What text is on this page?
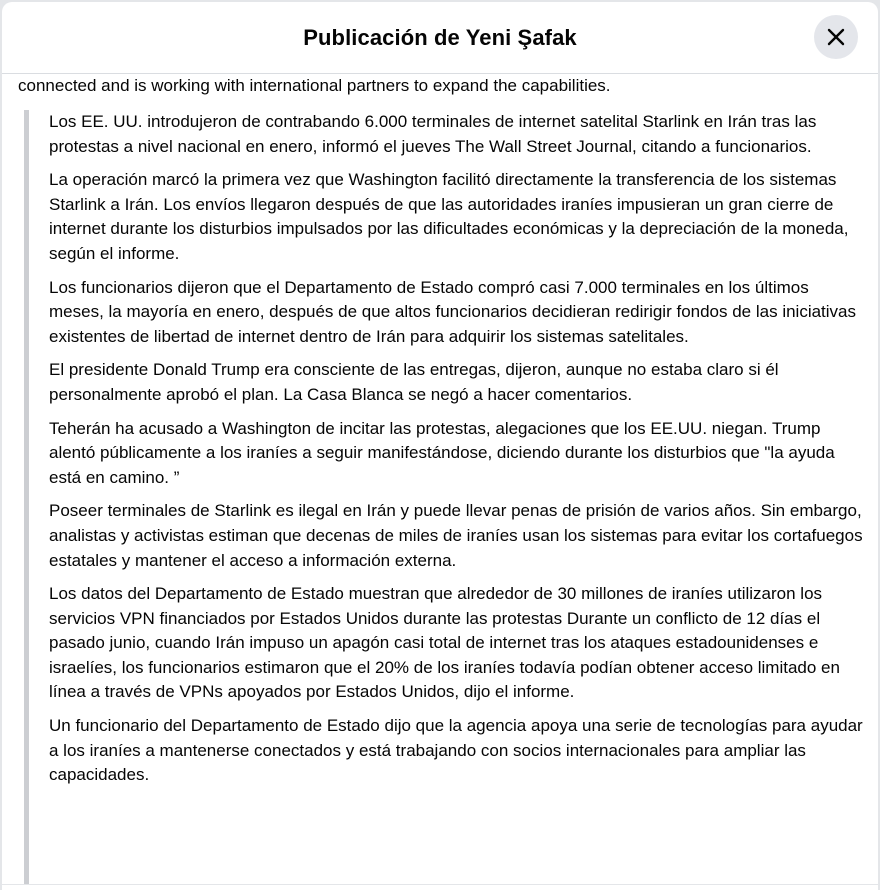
Publicación de Yeni Şafak
connected and is working with international partners to expand the capabilities.

Los EE. UU. introdujeron de contrabando 6.000 terminales de internet satelital Starlink en Irán tras las protestas a nivel nacional en enero, informó el jueves The Wall Street Journal, citando a funcionarios.

La operación marcó la primera vez que Washington facilitó directamente la transferencia de los sistemas Starlink a Irán. Los envíos llegaron después de que las autoridades iraníes impusieran un gran cierre de internet durante los disturbios impulsados por las dificultades económicas y la depreciación de la moneda, según el informe.

Los funcionarios dijeron que el Departamento de Estado compró casi 7.000 terminales en los últimos meses, la mayoría en enero, después de que altos funcionarios decidieran redirigir fondos de las iniciativas existentes de libertad de internet dentro de Irán para adquirir los sistemas satelitales.

El presidente Donald Trump era consciente de las entregas, dijeron, aunque no estaba claro si él personalmente aprobó el plan. La Casa Blanca se negó a hacer comentarios.

Teherán ha acusado a Washington de incitar las protestas, alegaciones que los EE.UU. niegan. Trump alentó públicamente a los iraníes a seguir manifestándose, diciendo durante los disturbios que "la ayuda está en camino. ”

Poseer terminales de Starlink es ilegal en Irán y puede llevar penas de prisión de varios años. Sin embargo, analistas y activistas estiman que decenas de miles de iraníes usan los sistemas para evitar los cortafuegos estatales y mantener el acceso a información externa.

Los datos del Departamento de Estado muestran que alrededor de 30 millones de iraníes utilizaron los servicios VPN financiados por Estados Unidos durante las protestas Durante un conflicto de 12 días el pasado junio, cuando Irán impuso un apagón casi total de internet tras los ataques estadounidenses e israelíes, los funcionarios estimaron que el 20% de los iraníes todavía podían obtener acceso limitado en línea a través de VPNs apoyados por Estados Unidos, dijo el informe.

Un funcionario del Departamento de Estado dijo que la agencia apoya una serie de tecnologías para ayudar a los iraníes a mantenerse conectados y está trabajando con socios internacionales para ampliar las capacidades.
